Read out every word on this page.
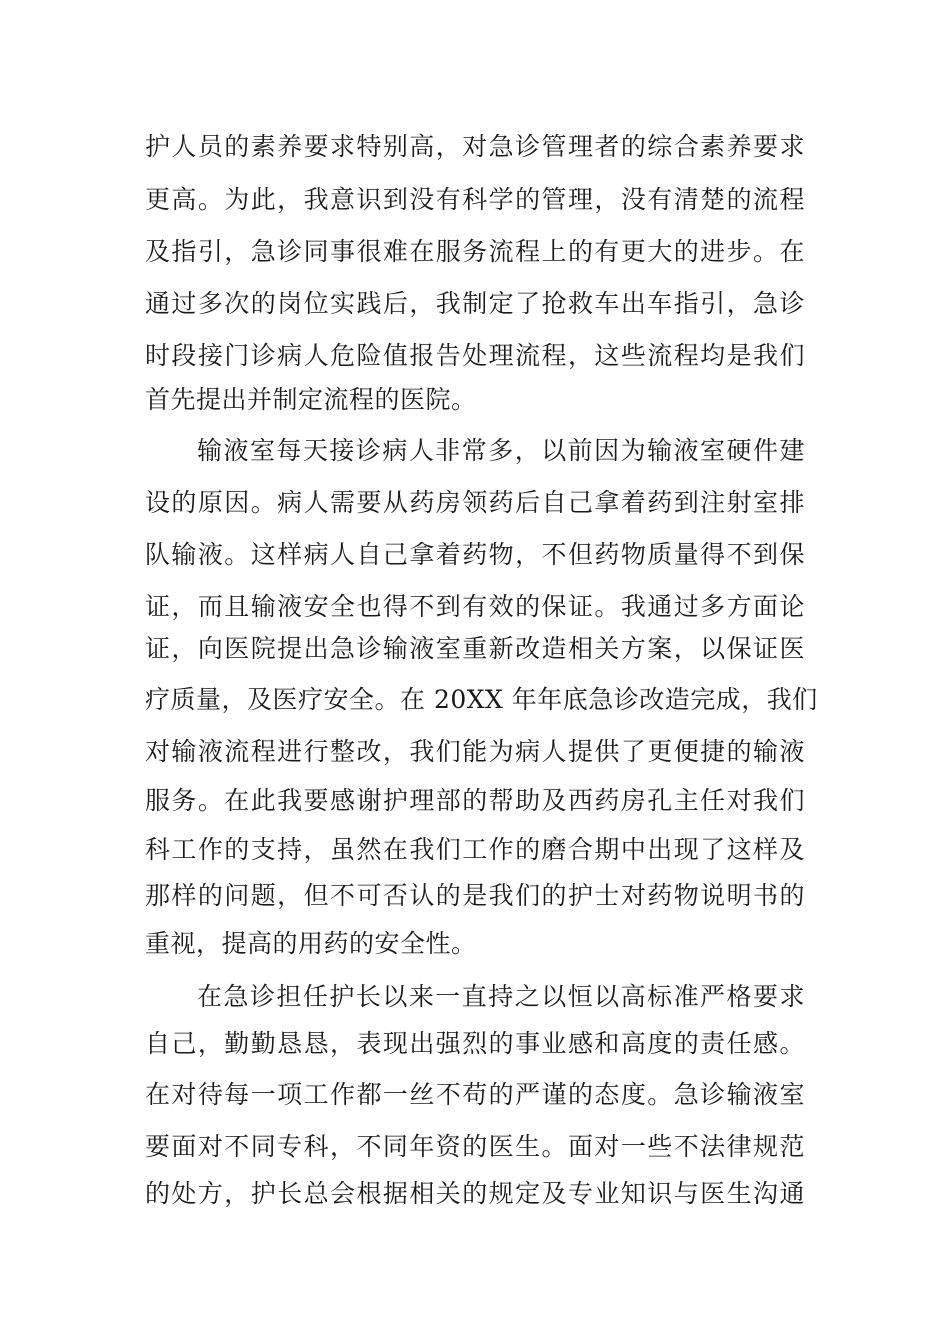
护人员的素养要求特别高，对急诊管理者的综合素养要求
更高。为此，我意识到没有科学的管理，没有清楚的流程
及指引，急诊同事很难在服务流程上的有更大的进步。在
通过多次的岗位实践后，我制定了抢救车出车指引，急诊
时段接门诊病人危险值报告处理流程，这些流程均是我们
首先提出并制定流程的医院。
输液室每天接诊病人非常多，以前因为输液室硬件建
设的原因。病人需要从药房领药后自己拿着药到注射室排
队输液。这样病人自己拿着药物，不但药物质量得不到保
证，而且输液安全也得不到有效的保证。我通过多方面论
证，向医院提出急诊输液室重新改造相关方案，以保证医
疗质量，及医疗安全。在 20XX 年年底急诊改造完成，我们
对输液流程进行整改，我们能为病人提供了更便捷的输液
服务。在此我要感谢护理部的帮助及西药房孔主任对我们
科工作的支持，虽然在我们工作的磨合期中出现了这样及
那样的问题，但不可否认的是我们的护士对药物说明书的
重视，提高的用药的安全性。
在急诊担任护长以来一直持之以恒以高标准严格要求
自己，勤勤恳恳，表现出强烈的事业感和高度的责任感。
在对待每一项工作都一丝不苟的严谨的态度。急诊输液室
要面对不同专科，不同年资的医生。面对一些不法律规范
的处方，护长总会根据相关的规定及专业知识与医生沟通
